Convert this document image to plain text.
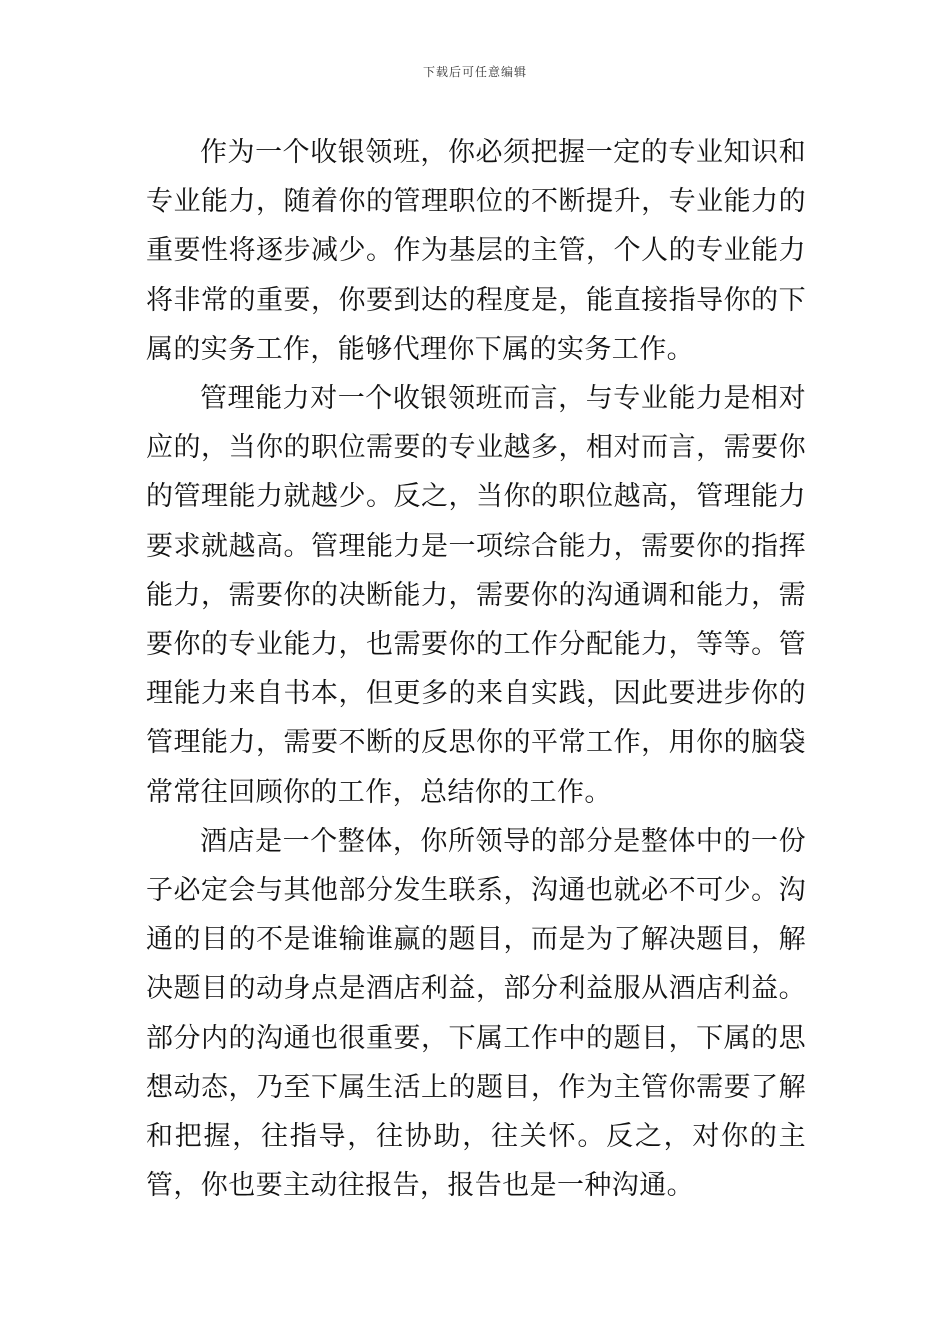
下载后可任意编辑

作为一个收银领班，你必须把握一定的专业知识和专业能力，随着你的管理职位的不断提升，专业能力的重要性将逐步减少。作为基层的主管，个人的专业能力将非常的重要，你要到达的程度是，能直接指导你的下属的实务工作，能够代理你下属的实务工作。

管理能力对一个收银领班而言，与专业能力是相对应的，当你的职位需要的专业越多，相对而言，需要你的管理能力就越少。反之，当你的职位越高，管理能力要求就越高。管理能力是一项综合能力，需要你的指挥能力，需要你的决断能力，需要你的沟通调和能力，需要你的专业能力，也需要你的工作分配能力，等等。管理能力来自书本，但更多的来自实践，因此要进步你的管理能力，需要不断的反思你的平常工作，用你的脑袋常常往回顾你的工作，总结你的工作。

酒店是一个整体，你所领导的部分是整体中的一份子必定会与其他部分发生联系，沟通也就必不可少。沟通的目的不是谁输谁赢的题目，而是为了解决题目，解决题目的动身点是酒店利益，部分利益服从酒店利益。部分内的沟通也很重要，下属工作中的题目，下属的思想动态，乃至下属生活上的题目，作为主管你需要了解和把握，往指导，往协助，往关怀。反之，对你的主管，你也要主动往报告，报告也是一种沟通。
